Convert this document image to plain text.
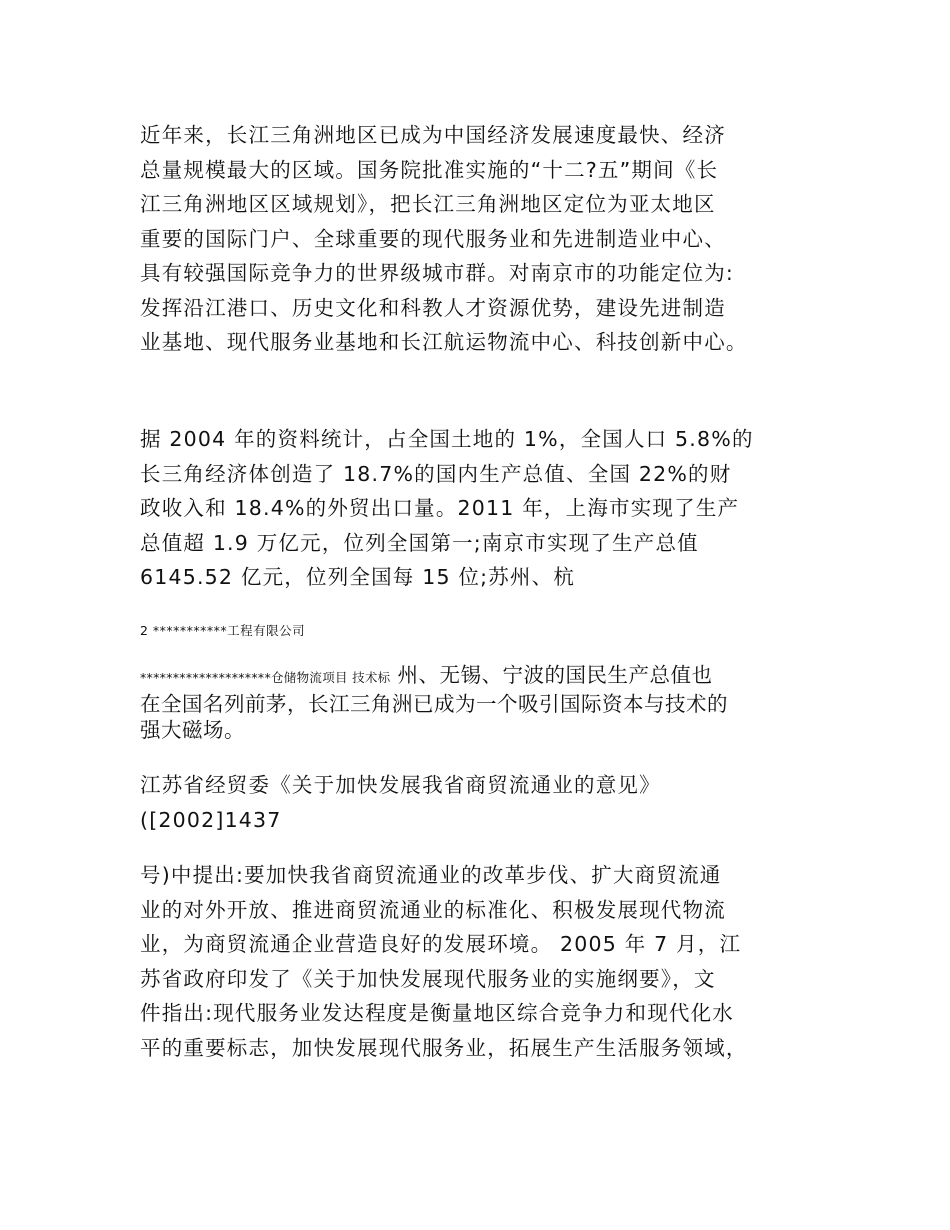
近年来，长江三角洲地区已成为中国经济发展速度最快、经济
总量规模最大的区域。国务院批准实施的“十二?五”期间《长
江三角洲地区区域规划》，把长江三角洲地区定位为亚太地区
重要的国际门户、全球重要的现代服务业和先进制造业中心、
具有较强国际竞争力的世界级城市群。对南京市的功能定位为:
发挥沿江港口、历史文化和科教人才资源优势，建设先进制造
业基地、现代服务业基地和长江航运物流中心、科技创新中心。
据 2004 年的资料统计，占全国土地的 1%，全国人口 5.8%的
长三角经济体创造了 18.7%的国内生产总值、全国 22%的财
政收入和 18.4%的外贸出口量。2011 年，上海市实现了生产
总值超 1.9 万亿元，位列全国第一;南京市实现了生产总值
6145.52 亿元，位列全国每 15 位;苏州、杭
2 ***********工程有限公司
********************仓储物流项目 技术标 州、无锡、宁波的国民生产总值也
在全国名列前茅，长江三角洲已成为一个吸引国际资本与技术的
强大磁场。
江苏省经贸委《关于加快发展我省商贸流通业的意见》
([2002]1437
号)中提出:要加快我省商贸流通业的改革步伐、扩大商贸流通
业的对外开放、推进商贸流通业的标准化、积极发展现代物流
业，为商贸流通企业营造良好的发展环境。 2005 年 7 月，江
苏省政府印发了《关于加快发展现代服务业的实施纲要》，文
件指出:现代服务业发达程度是衡量地区综合竞争力和现代化水
平的重要标志，加快发展现代服务业，拓展生产生活服务领域，
